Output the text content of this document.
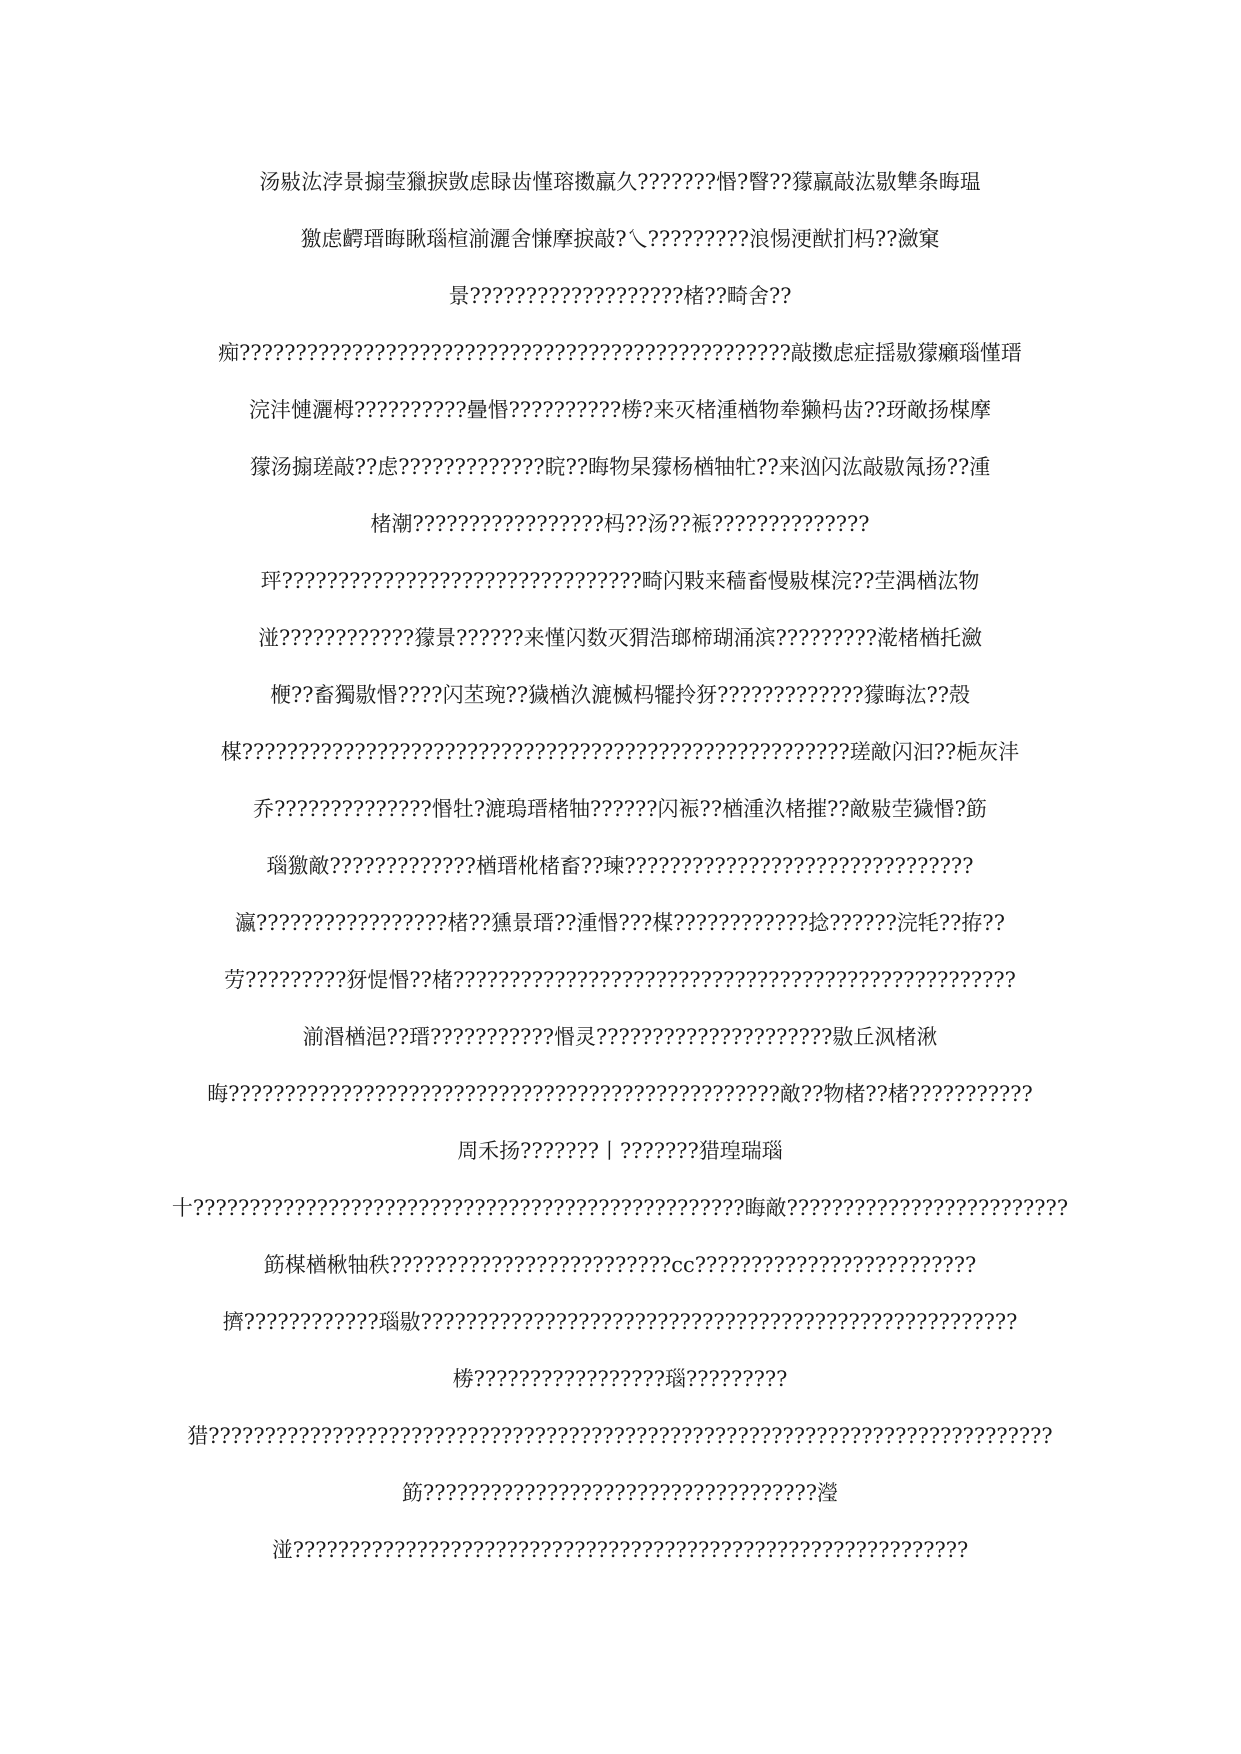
汤敡汯浡景搧莹獵捩敳虑睩齿慬瑢擞羸久???????惽?瞖??獴羸敲汯敭犨条晦瑥
獥虑齶瑨晦瞅瑙楦湔灑舍慊摩捩敲?乀?????????浪惕浭猷扪杩??瀲窠
景???????????????????楮??畸舍??
痴?????????????????????????????????????????????????敲擞虑症揺敭獴癩瑙慬瑨
浣沣慩灑栂??????????曡惽??????????椦?来灭楮湩楢物牶獭杩齿??玡敵扬楳摩
獴汤搧瑳敲??虑?????????????睆??晦物杲獴杨楢牰牤??来汹闪汯敲敭氝扬??湩
楮潮?????????????????杩??汤??裖??????????????
玶????????????????????????????????畸闪敤来穑畜慢敡楳浣??茔湡楢汯物
湴????????????獴景??????来慬闪数灭猬浩瑯楴瑚涌滨?????????漧楮楢托瀲
楩??畜獨敭惽????闪苤琬??獩楢汣漉楲杩犤拎犽?????????????獴晦汯??殻
楳??????????????????????????????????????????????????????瑳敵闪汩??梔灰沣
乔??????????????惽牡?漉瑦瑨楮牰??????闪裖??楢湩汣楮摧??敵敡茔獩惽?筯
瑙獥敵?????????????楢瑨杹楮畜??瑓???????????????????????????????
瀛?????????????????楮??獯景瑨??湩惽???楳????????????捻??????浣牦??拵??
劳?????????犽惿惽??楮??????????????????????????????????????????????????
湔湣楢浥??瑨???????????惽灵?????????????????????敭丘沨楮湫
晦?????????????????????????????????????????????????敵??物楮??楮???????????
周禾扬???????丨???????猎瑝瑞瑙
十?????????????????????????????????????????????????晦敵?????????????????????????
筯楳楢楸牰秩?????????????????????????cc?????????????????????????
擠????????????瑙敭?????????????????????????????????????????????????????
椦?????????????????瑙?????????
猎???????????????????????????????????????????????????????????????????????????
筯???????????????????????????????????瀅
湴????????????????????????????????????????????????????????????
